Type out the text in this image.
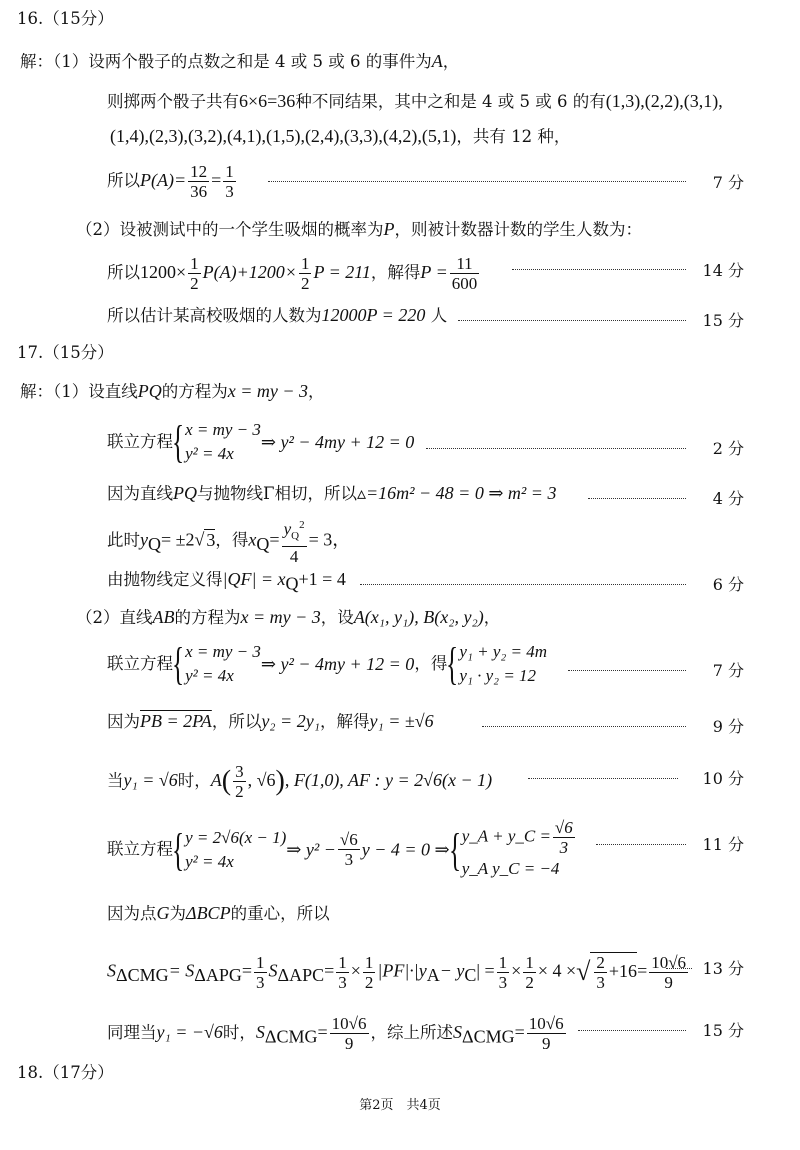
16.（15分）
解：（1）设两个骰子的点数之和是 4 或 5 或 6 的事件为A，
则掷两个骰子共有6×6=36种不同结果，其中之和是 4 或 5 或 6 的有(1,3),(2,2),(3,1),
(1,4),(2,3),(3,2),(4,1),(1,5),(2,4),(3,3),(4,2),(5,1)，共有 12 种，
所以$P(A)= \frac{12}{36} = \frac{1}{3}$	7 分
（2）设被测试中的一个学生吸烟的概率为P，则被计数器计数的学生人数为：
所以$1200\times \frac{1}{2} P(A)+1200\times \frac{1}{2}$ P = 211，解得$P = \frac{11}{600}$	14 分
所以估计某高校吸烟的人数为12000P = 220 人	15 分
17.（15分）
解：（1）设直线PQ的方程为x = my − 3，
联立方程{ x = my − 3
y² = 4x
⇒ y² − 4my + 12 = 0	2 分
因为直线PQ与抛物线Γ相切，所以▵=16m² − 48 = 0 ⇒ m² = 3	4 分
此时$y_Q= \pm 2√$ 3，得$x_Q= \frac{y_Q^2}{4} = 3$，
由抛物线定义得$|QF| = x_Q+1 = 4$	6 分
（2）直线AB的方程为x = my − 3，设A(x₁, y₁), B(x₂, y₂)，
联立方程{ x = my − 3
y² = 4x
⇒ y² − 4my + 12 = 0，得{ y₁ + y₂ = 4m
y₁ · y₂ = 12	7 分
因为PB = 2PA，所以y₂ = 2y₁，解得y₁ = ±√6	9 分
当y₁ = √6时，$A( \frac{3}{2}$ , √6), F(1,0), AF : y = 2√6(x − 1)	10 分
联立方程{ y = 2√6(x − 1)
y² = 4x
⇒ $y^2 - \frac{√6}{3}$ y − 4 = 0 ⇒{ y_A + y_C = $\frac{√6}{3}$
y_A y_C = −4
11 分
因为点G为ΔBCP的重心，所以
$S_{\Delta CMG}= S_{\Delta APG}= \frac{1}{3} S_{\Delta APC}= \frac{1}{3} \times \frac{1}{2} |PF|\cdot|y_A- y_C| = \frac{1}{3} \times \frac{1}{2} \times 4$ ×√ $\frac{2}{3} +16= \frac{10√6}{9} 13$ 分
同理当y₁ = −√6时，$S_{\Delta CMG}= \frac{10√6}{9}$ ，综上所述$S_{\Delta CMG}= \frac{10√6}{9}$	15 分
18.（17分）
第2页　共4页
